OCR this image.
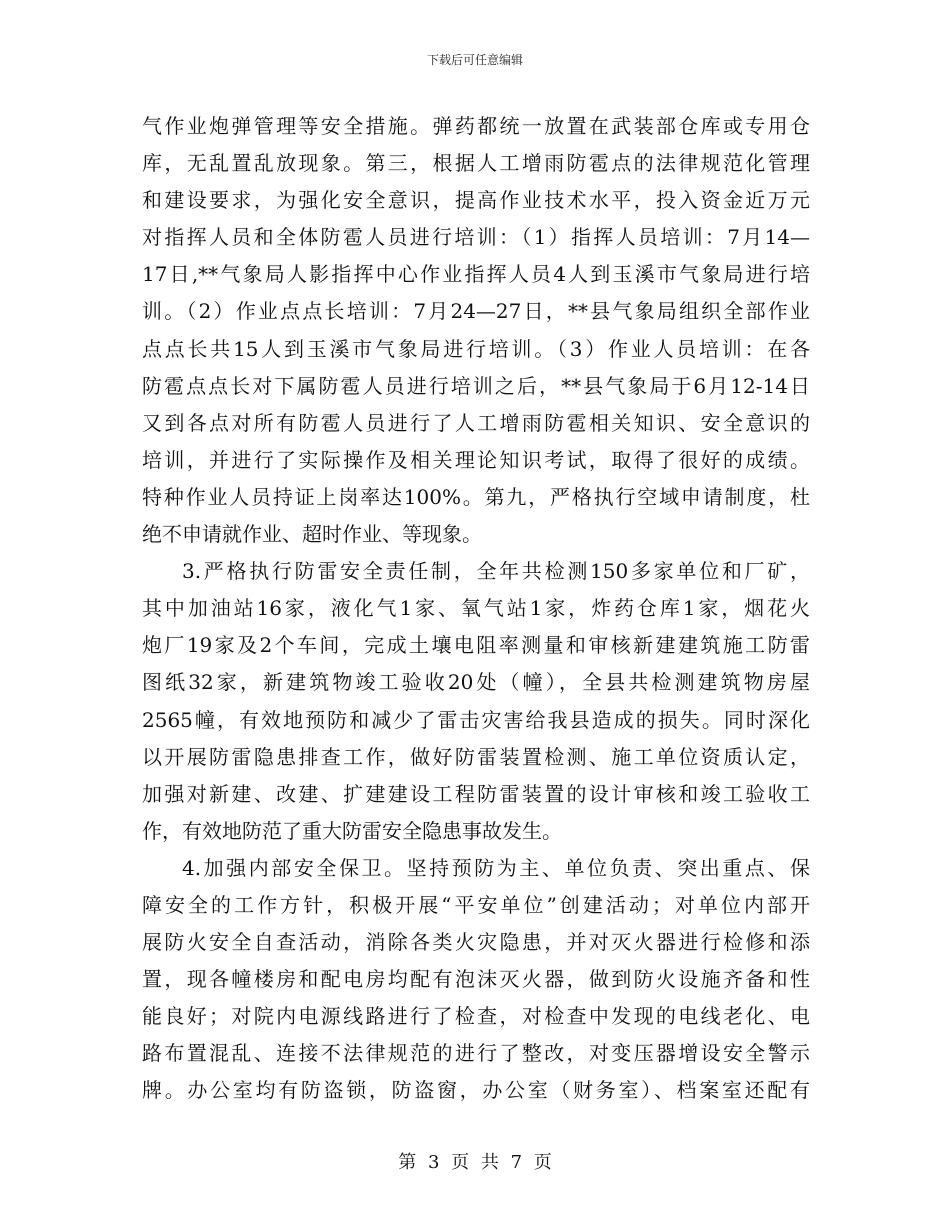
下载后可任意编辑
气作业炮弹管理等安全措施。弹药都统一放置在武装部仓库或专用仓
库，无乱置乱放现象。第三，根据人工增雨防雹点的法律规范化管理
和建设要求，为强化安全意识，提高作业技术水平，投入资金近万元
对指挥人员和全体防雹人员进行培训：（1）指挥人员培训：7月14—
17日,**气象局人影指挥中心作业指挥人员4人到玉溪市气象局进行培
训。（2）作业点点长培训：7月24—27日，**县气象局组织全部作业
点点长共15人到玉溪市气象局进行培训。（3）作业人员培训：在各
防雹点点长对下属防雹人员进行培训之后，**县气象局于6月12-14日
又到各点对所有防雹人员进行了人工增雨防雹相关知识、安全意识的
培训，并进行了实际操作及相关理论知识考试，取得了很好的成绩。
特种作业人员持证上岗率达100%。第九，严格执行空域申请制度，杜
绝不申请就作业、超时作业、等现象。
3.严格执行防雷安全责任制，全年共检测150多家单位和厂矿，
其中加油站16家，液化气1家、氧气站1家，炸药仓库1家，烟花火
炮厂19家及2个车间，完成土壤电阻率测量和审核新建建筑施工防雷
图纸32家，新建筑物竣工验收20处（幢），全县共检测建筑物房屋
2565幢，有效地预防和减少了雷击灾害给我县造成的损失。同时深化
以开展防雷隐患排查工作，做好防雷装置检测、施工单位资质认定，
加强对新建、改建、扩建建设工程防雷装置的设计审核和竣工验收工
作，有效地防范了重大防雷安全隐患事故发生。
4.加强内部安全保卫。坚持预防为主、单位负责、突出重点、保
障安全的工作方针，积极开展“平安单位”创建活动；对单位内部开
展防火安全自查活动，消除各类火灾隐患，并对灭火器进行检修和添
置，现各幢楼房和配电房均配有泡沫灭火器，做到防火设施齐备和性
能良好；对院内电源线路进行了检查，对检查中发现的电线老化、电
路布置混乱、连接不法律规范的进行了整改，对变压器增设安全警示
牌。办公室均有防盗锁，防盗窗，办公室（财务室）、档案室还配有
第 3 页 共 7 页
